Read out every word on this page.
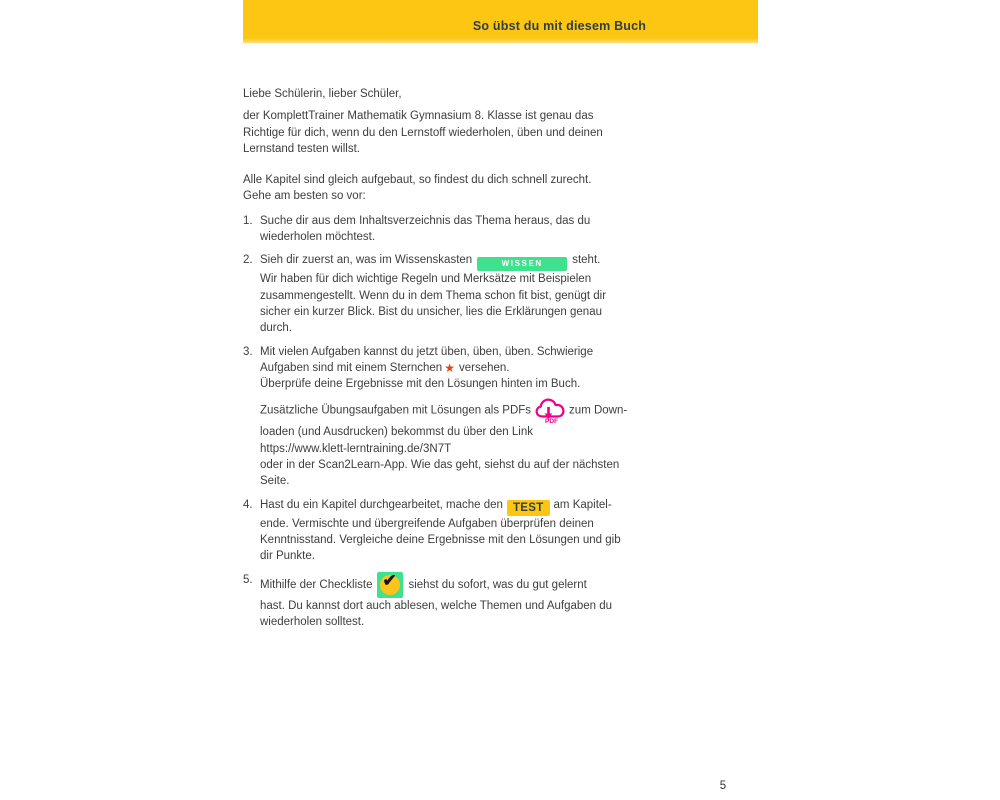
So übst du mit diesem Buch
Liebe Schülerin, lieber Schüler,
der KomplettTrainer Mathematik Gymnasium 8. Klasse ist genau das
Richtige für dich, wenn du den Lernstoff wiederholen, üben und deinen
Lernstand testen willst.
Alle Kapitel sind gleich aufgebaut, so findest du dich schnell zurecht.
Gehe am besten so vor:
1. Suche dir aus dem Inhaltsverzeichnis das Thema heraus, das du
wiederholen möchtest.
2. Sieh dir zuerst an, was im Wissenskasten	WISSEN	steht.
Wir haben für dich wichtige Regeln und Merksätze mit Beispielen
zusammengestellt. Wenn du in dem Thema schon fit bist, genügt dir
sicher ein kurzer Blick. Bist du unsicher, lies die Erklärungen genau
durch.
3. Mit vielen Aufgaben kannst du jetzt üben, üben, üben. Schwierige
Aufgaben sind mit einem Sternchen ★ versehen.
Überprüfe deine Ergebnisse mit den Lösungen hinten im Buch.
Zusätzliche Übungsaufgaben mit Lösungen als PDFs
PDF
zum Down-
loaden (und Ausdrucken) bekommst du über den Link
https://www.klett-lerntraining.de/3N7T
oder in der Scan2Learn-App. Wie das geht, siehst du auf der nächsten
Seite.
4. Hast du ein Kapitel durchgearbeitet, mache den TEST am Kapitel-
ende. Vermischte und übergreifende Aufgaben überprüfen deinen
Kenntnisstand. Vergleiche deine Ergebnisse mit den Lösungen und gib
dir Punkte.
5. Mithilfe der Checkliste ✔ siehst du sofort, was du gut gelernt
hast. Du kannst dort auch ablesen, welche Themen und Aufgaben du
wiederholen solltest.
5
